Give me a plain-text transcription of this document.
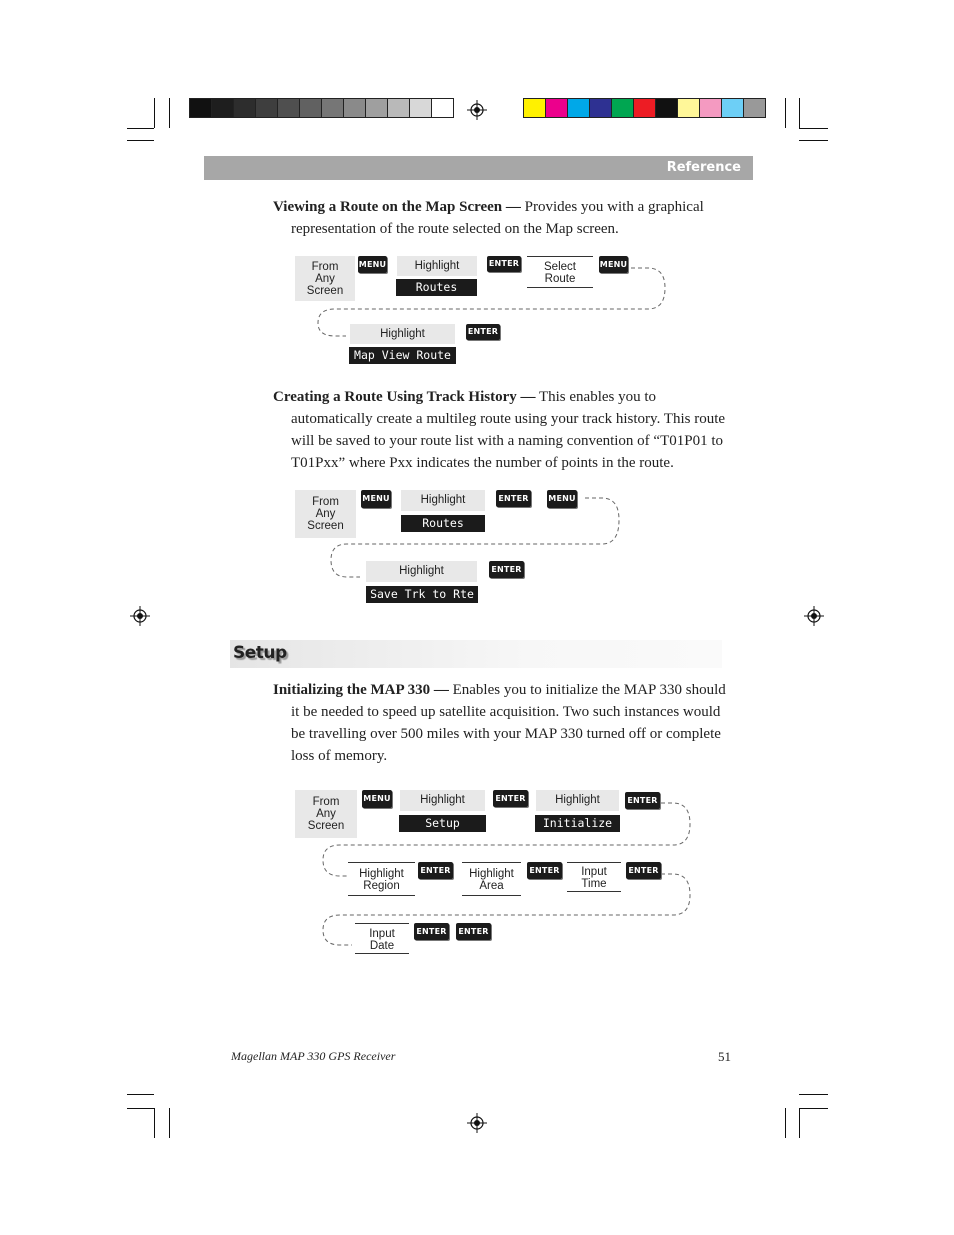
Reference

Viewing a Route on the Map Screen — Provides you with a graphical representation of the route selected on the Map screen.

From
Any
Screen
MENU	Highlight
Routes
ENTER	Select
Route
MENU
Highlight
Map View Route
ENTER

Creating a Route Using Track History — This enables you to automatically create a multileg route using your track history. This route will be saved to your route list with a naming convention of “T01P01 to T01Pxx” where Pxx indicates the number of points in the route.

From
Any
Screen
MENU	Highlight
Routes
ENTER MENU
Highlight
Save Trk to Rte
ENTER
Setup

Initializing the MAP 330 — Enables you to initialize the MAP 330 should it be needed to speed up satellite acquisition. Two such instances would be travelling over 500 miles with your MAP 330 turned off or complete loss of memory.

From
Any
Screen
MENU	Highlight
Setup
ENTER	Highlight
Initialize
ENTER
Highlight
Region
ENTER	Highlight
Area
ENTER	Input
Time
ENTER
Input
Date
ENTER ENTER
Magellan MAP 330 GPS Receiver	51
